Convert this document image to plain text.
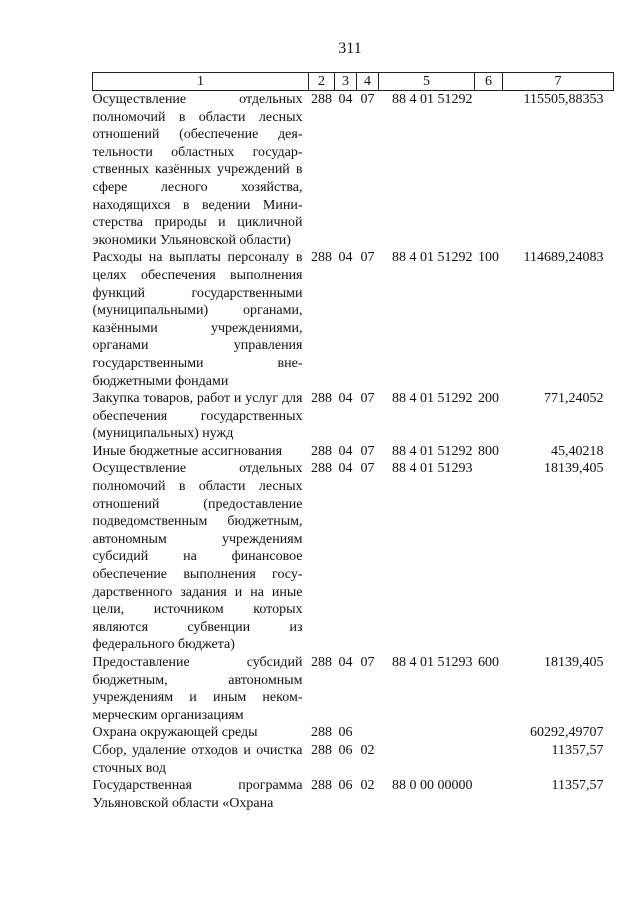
311
1	2	3	4	5	6	7
Осуществление отдельных полномочий в области лесных отношений (обеспечение деятельности областных государственных казённых учреждений в сфере лесного хозяйства, находящихся в ведении Министерства природы и цикличной экономики Ульяновской области)	288	04	07	88 4 01 51292		115505,88353
Расходы на выплаты персоналу в целях обеспечения выполнения функций государственными (муниципальными) органами, казёнными учреждениями, органами управления государственными внебюджетными фондами	288	04	07	88 4 01 51292	100	114689,24083
Закупка товаров, работ и услуг для обеспечения государственных (муниципальных) нужд	288	04	07	88 4 01 51292	200	771,24052
Иные бюджетные ассигнования	288	04	07	88 4 01 51292	800	45,40218
Осуществление отдельных полномочий в области лесных отношений (предоставление подведомственным бюджетным, автономным учреждениям субсидий на финансовое обеспечение выполнения государственного задания и на иные цели, источником которых являются субвенции из федерального бюджета)	288	04	07	88 4 01 51293		18139,405
Предоставление субсидий бюджетным, автономным учреждениям и иным некоммерческим организациям	288	04	07	88 4 01 51293	600	18139,405
Охрана окружающей среды	288	06				60292,49707
Сбор, удаление отходов и очистка сточных вод	288	06	02			11357,57
Государственная программа Ульяновской области «Охрана	288	06	02	88 0 00 00000		11357,57
